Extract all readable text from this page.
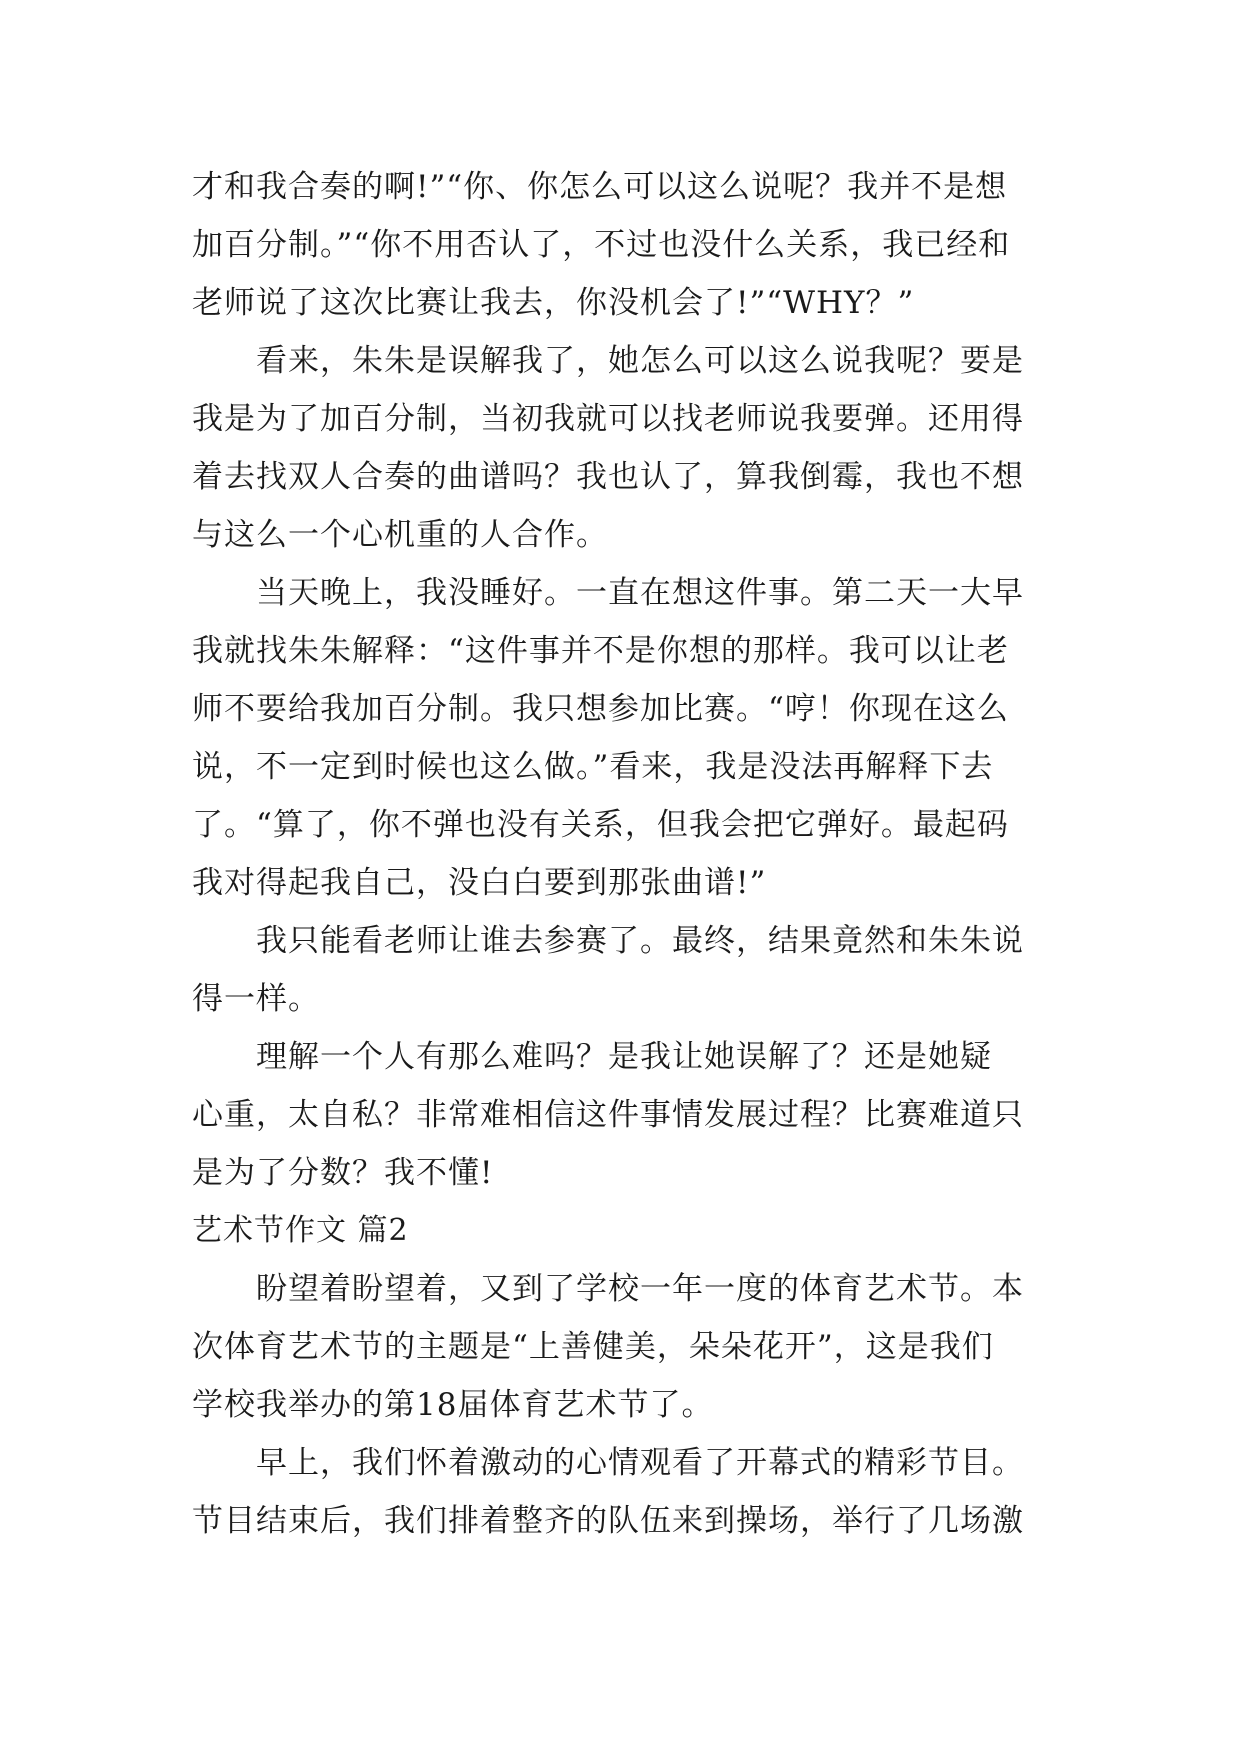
才和我合奏的啊!”“你、你怎么可以这么说呢？我并不是想
加百分制。”“你不用否认了，不过也没什么关系，我已经和
老师说了这次比赛让我去，你没机会了!”“WHY？”
看来，朱朱是误解我了，她怎么可以这么说我呢？要是
我是为了加百分制，当初我就可以找老师说我要弹。还用得
着去找双人合奏的曲谱吗？我也认了，算我倒霉，我也不想
与这么一个心机重的人合作。
当天晚上，我没睡好。一直在想这件事。第二天一大早
我就找朱朱解释：“这件事并不是你想的那样。我可以让老
师不要给我加百分制。我只想参加比赛。“哼！你现在这么
说，不一定到时候也这么做。”看来，我是没法再解释下去
了。“算了，你不弹也没有关系，但我会把它弹好。最起码
我对得起我自己，没白白要到那张曲谱!”
我只能看老师让谁去参赛了。最终，结果竟然和朱朱说
得一样。
理解一个人有那么难吗？是我让她误解了？还是她疑
心重，太自私？非常难相信这件事情发展过程？比赛难道只
是为了分数？我不懂!
艺术节作文 篇2
盼望着盼望着，又到了学校一年一度的体育艺术节。本
次体育艺术节的主题是“上善健美，朵朵花开”，这是我们
学校我举办的第18届体育艺术节了。
早上，我们怀着激动的心情观看了开幕式的精彩节目。
节目结束后，我们排着整齐的队伍来到操场，举行了几场激
